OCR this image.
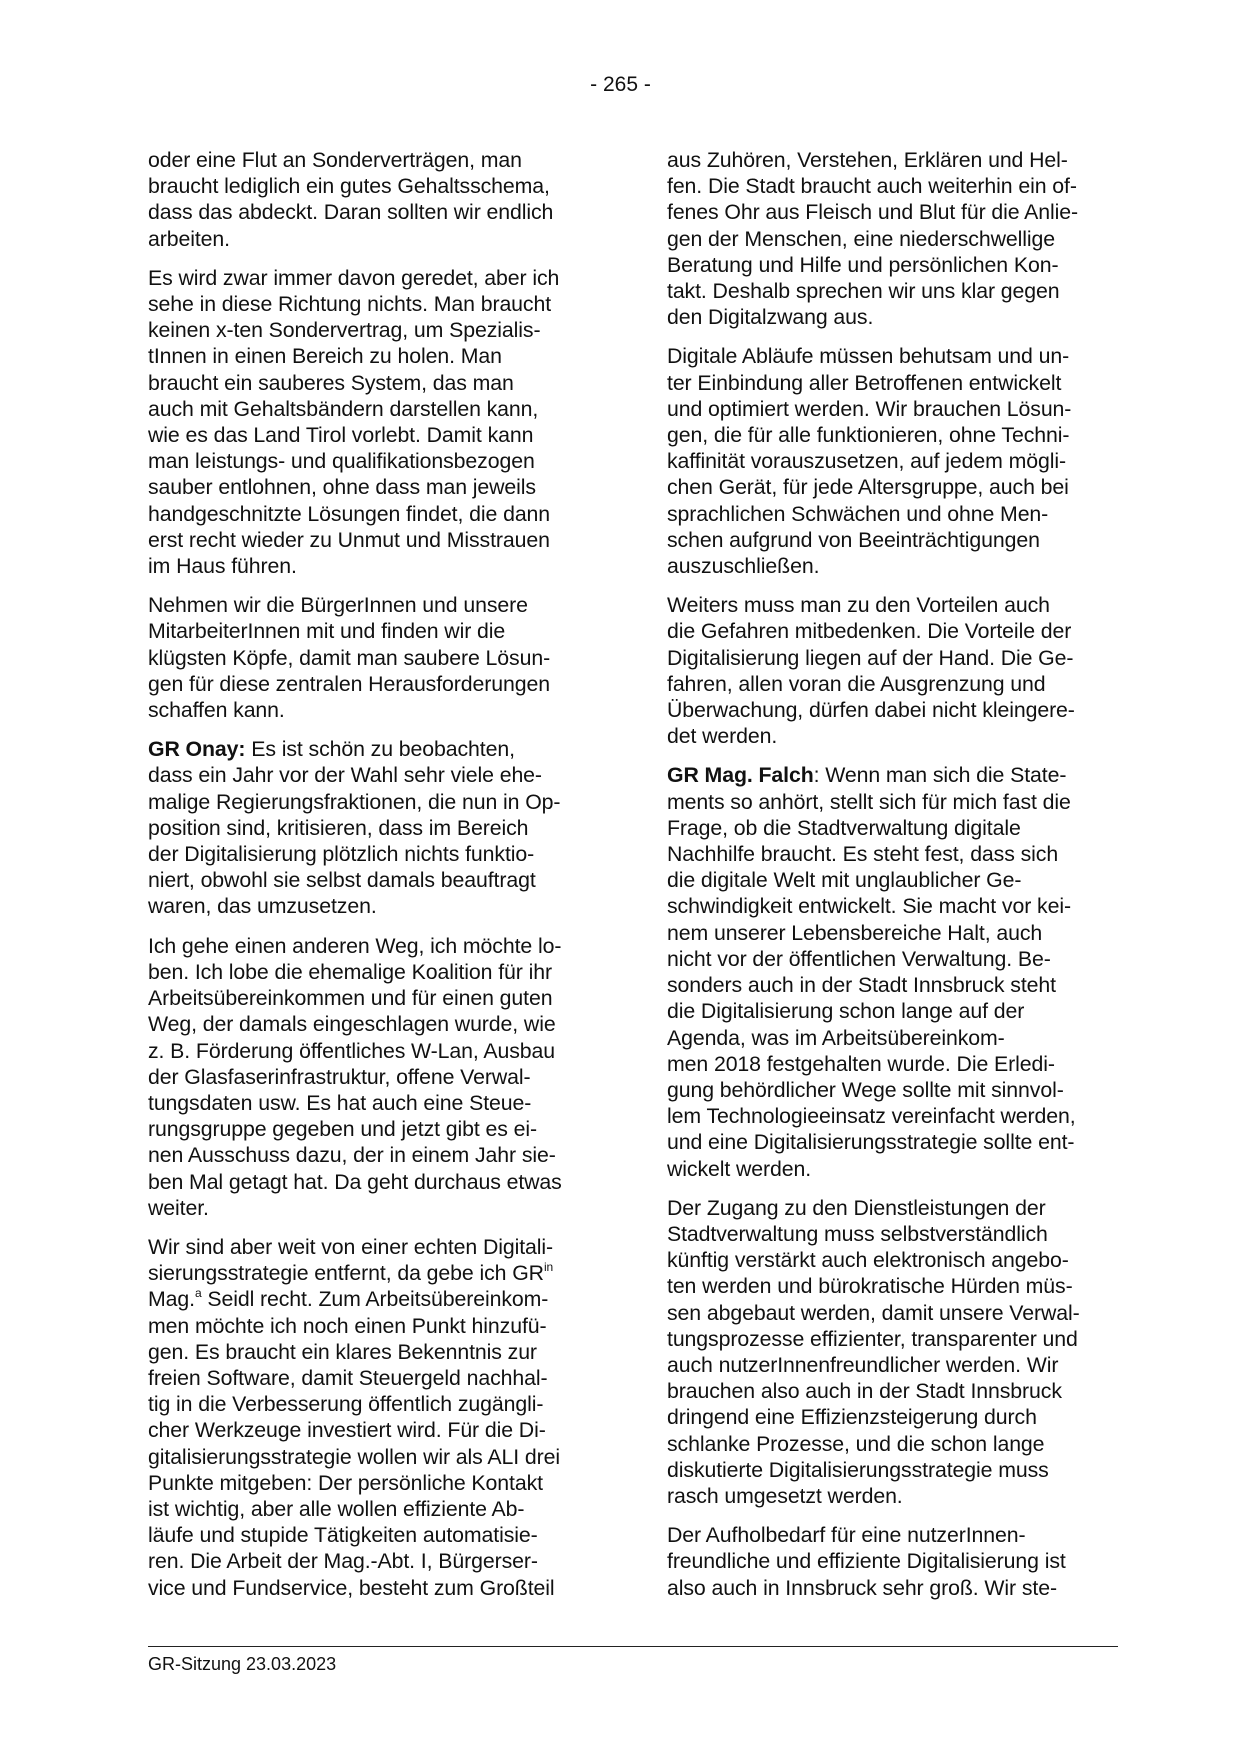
- 265 -

oder eine Flut an Sonderverträgen, man
braucht lediglich ein gutes Gehaltsschema,
dass das abdeckt. Daran sollten wir endlich
arbeiten.

Es wird zwar immer davon geredet, aber ich
sehe in diese Richtung nichts. Man braucht
keinen x-ten Sondervertrag, um Spezialis-
tInnen in einen Bereich zu holen. Man
braucht ein sauberes System, das man
auch mit Gehaltsbändern darstellen kann,
wie es das Land Tirol vorlebt. Damit kann
man leistungs- und qualifikationsbezogen
sauber entlohnen, ohne dass man jeweils
handgeschnitzte Lösungen findet, die dann
erst recht wieder zu Unmut und Misstrauen
im Haus führen.

Nehmen wir die BürgerInnen und unsere
MitarbeiterInnen mit und finden wir die
klügsten Köpfe, damit man saubere Lösun-
gen für diese zentralen Herausforderungen
schaffen kann.

GR Onay: Es ist schön zu beobachten,
dass ein Jahr vor der Wahl sehr viele ehe-
malige Regierungsfraktionen, die nun in Op-
position sind, kritisieren, dass im Bereich
der Digitalisierung plötzlich nichts funktio-
niert, obwohl sie selbst damals beauftragt
waren, das umzusetzen.

Ich gehe einen anderen Weg, ich möchte lo-
ben. Ich lobe die ehemalige Koalition für ihr
Arbeitsübereinkommen und für einen guten
Weg, der damals eingeschlagen wurde, wie
z. B. Förderung öffentliches W-Lan, Ausbau
der Glasfaserinfrastruktur, offene Verwal-
tungsdaten usw. Es hat auch eine Steue-
rungsgruppe gegeben und jetzt gibt es ei-
nen Ausschuss dazu, der in einem Jahr sie-
ben Mal getagt hat. Da geht durchaus etwas
weiter.

Wir sind aber weit von einer echten Digitali-
sierungsstrategie entfernt, da gebe ich $GR^{in}$
Mag.$^a$ Seidl recht. Zum Arbeitsübereinkom-
men möchte ich noch einen Punkt hinzufü-
gen. Es braucht ein klares Bekenntnis zur
freien Software, damit Steuergeld nachhal-
tig in die Verbesserung öffentlich zugängli-
cher Werkzeuge investiert wird. Für die Di-
gitalisierungsstrategie wollen wir als ALI drei
Punkte mitgeben: Der persönliche Kontakt
ist wichtig, aber alle wollen effiziente Ab-
läufe und stupide Tätigkeiten automatisie-
ren. Die Arbeit der Mag.-Abt. I, Bürgerser-
vice und Fundservice, besteht zum Großteil

aus Zuhören, Verstehen, Erklären und Hel-
fen. Die Stadt braucht auch weiterhin ein of-
fenes Ohr aus Fleisch und Blut für die Anlie-
gen der Menschen, eine niederschwellige
Beratung und Hilfe und persönlichen Kon-
takt. Deshalb sprechen wir uns klar gegen
den Digitalzwang aus.

Digitale Abläufe müssen behutsam und un-
ter Einbindung aller Betroffenen entwickelt
und optimiert werden. Wir brauchen Lösun-
gen, die für alle funktionieren, ohne Techni-
kaffinität vorauszusetzen, auf jedem mögli-
chen Gerät, für jede Altersgruppe, auch bei
sprachlichen Schwächen und ohne Men-
schen aufgrund von Beeinträchtigungen
auszuschließen.

Weiters muss man zu den Vorteilen auch
die Gefahren mitbedenken. Die Vorteile der
Digitalisierung liegen auf der Hand. Die Ge-
fahren, allen voran die Ausgrenzung und
Überwachung, dürfen dabei nicht kleingere-
det werden.

GR Mag. Falch: Wenn man sich die State-
ments so anhört, stellt sich für mich fast die
Frage, ob die Stadtverwaltung digitale
Nachhilfe braucht. Es steht fest, dass sich
die digitale Welt mit unglaublicher Ge-
schwindigkeit entwickelt. Sie macht vor kei-
nem unserer Lebensbereiche Halt, auch
nicht vor der öffentlichen Verwaltung. Be-
sonders auch in der Stadt Innsbruck steht
die Digitalisierung schon lange auf der
Agenda, was im Arbeitsübereinkom-
men 2018 festgehalten wurde. Die Erledi-
gung behördlicher Wege sollte mit sinnvol-
lem Technologieeinsatz vereinfacht werden,
und eine Digitalisierungsstrategie sollte ent-
wickelt werden.

Der Zugang zu den Dienstleistungen der
Stadtverwaltung muss selbstverständlich
künftig verstärkt auch elektronisch angebo-
ten werden und bürokratische Hürden müs-
sen abgebaut werden, damit unsere Verwal-
tungsprozesse effizienter, transparenter und
auch nutzerInnenfreundlicher werden. Wir
brauchen also auch in der Stadt Innsbruck
dringend eine Effizienzsteigerung durch
schlanke Prozesse, und die schon lange
diskutierte Digitalisierungsstrategie muss
rasch umgesetzt werden.

Der Aufholbedarf für eine nutzerInnen-
freundliche und effiziente Digitalisierung ist
also auch in Innsbruck sehr groß. Wir ste-

GR-Sitzung 23.03.2023
